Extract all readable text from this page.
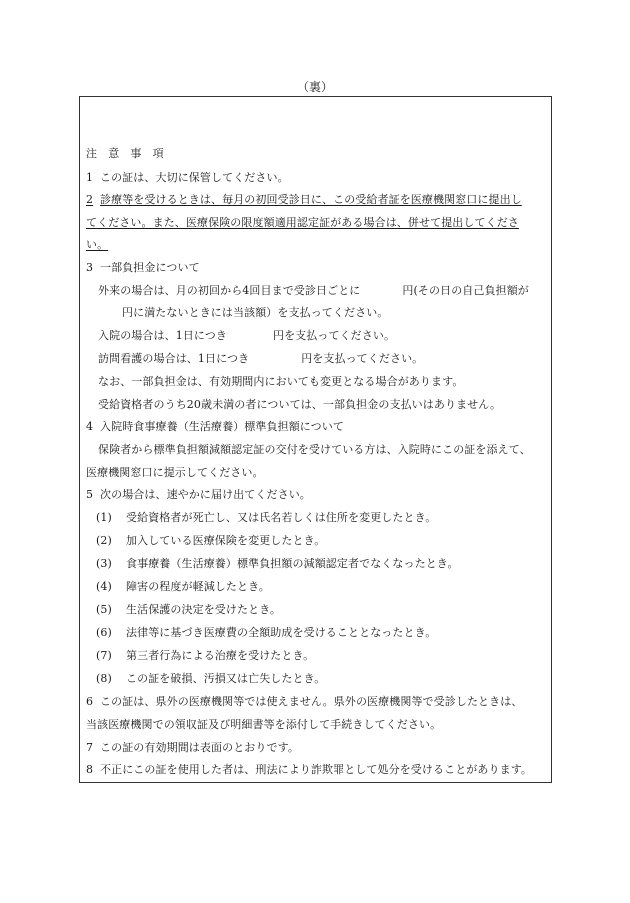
（裏）
注　意　事　項
1 この証は、大切に保管してください。
2 診療等を受けるときは、毎月の初回受診日に、この受給者証を医療機関窓口に提出し
てください。また、医療保険の限度額適用認定証がある場合は、併せて提出してくださ
い。
3 一部負担金について
外来の場合は、月の初回から4回目まで受診日ごとに	円(その日の自己負担額が
円に満たないときには当該額）を支払ってください。
入院の場合は、1日につき	円を支払ってください。
訪問看護の場合は、1日につき	円を支払ってください。
なお、一部負担金は、有効期間内においても変更となる場合があります。
受給資格者のうち20歳未満の者については、一部負担金の支払いはありません。
4 入院時食事療養（生活療養）標準負担額について
保険者から標準負担額減額認定証の交付を受けている方は、入院時にこの証を添えて、
医療機関窓口に提示してください。
5 次の場合は、速やかに届け出てください。
(1) 受給資格者が死亡し、又は氏名若しくは住所を変更したとき。
(2) 加入している医療保険を変更したとき。
(3) 食事療養（生活療養）標準負担額の減額認定者でなくなったとき。
(4) 障害の程度が軽減したとき。
(5) 生活保護の決定を受けたとき。
(6) 法律等に基づき医療費の全額助成を受けることとなったとき。
(7) 第三者行為による治療を受けたとき。
(8) この証を破損、汚損又は亡失したとき。
6 この証は、県外の医療機関等では使えません。県外の医療機関等で受診したときは、
当該医療機関での領収証及び明細書等を添付して手続きしてください。
7 この証の有効期間は表面のとおりです。
8 不正にこの証を使用した者は、刑法により詐欺罪として処分を受けることがあります。
